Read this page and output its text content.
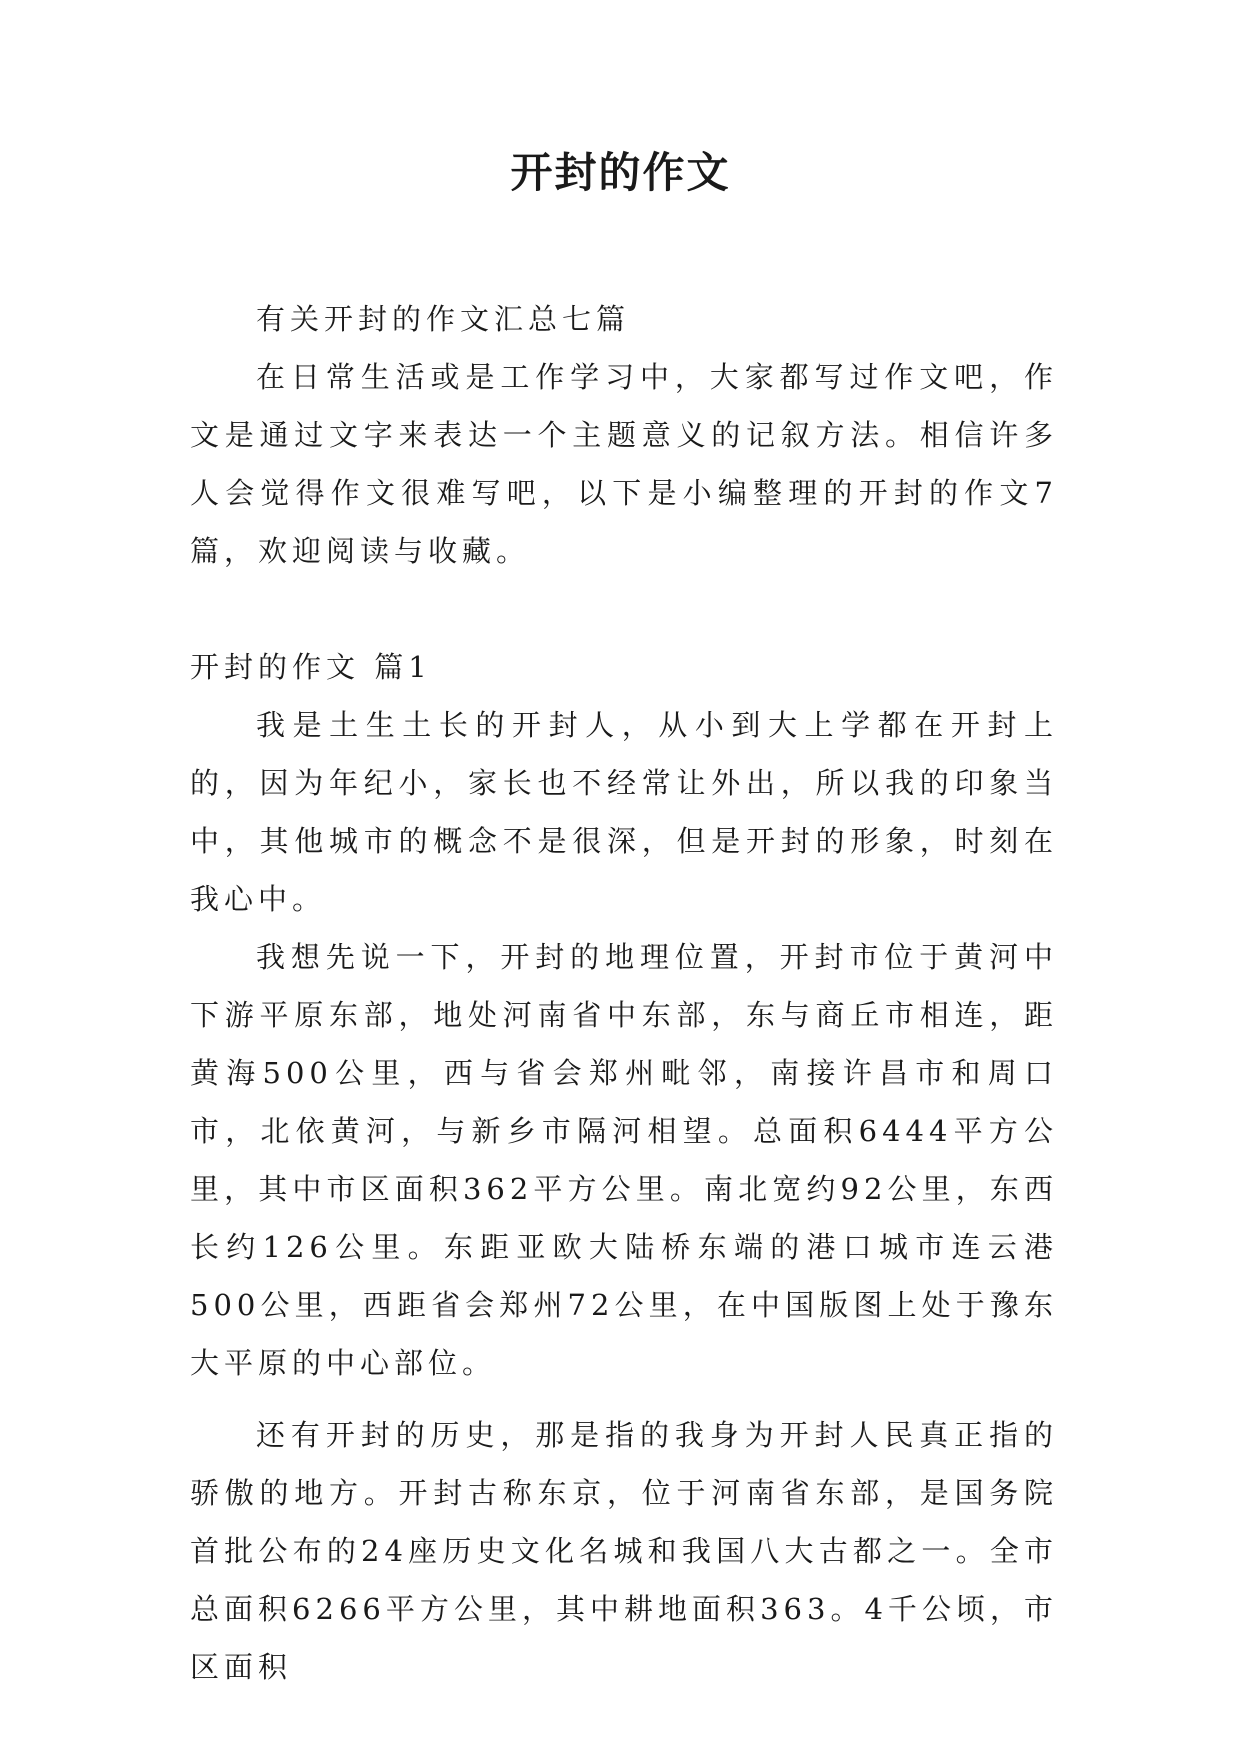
开封的作文

有关开封的作文汇总七篇

在日常生活或是工作学习中，大家都写过作文吧，作文是通过文字来表达一个主题意义的记叙方法。相信许多人会觉得作文很难写吧，以下是小编整理的开封的作文7篇，欢迎阅读与收藏。

开封的作文 篇1

我是土生土长的开封人，从小到大上学都在开封上的，因为年纪小，家长也不经常让外出，所以我的印象当中，其他城市的概念不是很深，但是开封的形象，时刻在我心中。

我想先说一下，开封的地理位置，开封市位于黄河中下游平原东部，地处河南省中东部，东与商丘市相连，距黄海500公里，西与省会郑州毗邻，南接许昌市和周口市，北依黄河，与新乡市隔河相望。总面积6444平方公里，其中市区面积362平方公里。南北宽约92公里，东西长约126公里。东距亚欧大陆桥东端的港口城市连云港500公里，西距省会郑州72公里，在中国版图上处于豫东大平原的中心部位。

还有开封的历史，那是指的我身为开封人民真正指的骄傲的地方。开封古称东京，位于河南省东部，是国务院首批公布的24座历史文化名城和我国八大古都之一。全市总面积6266平方公里，其中耕地面积363。4千公顷，市区面积
